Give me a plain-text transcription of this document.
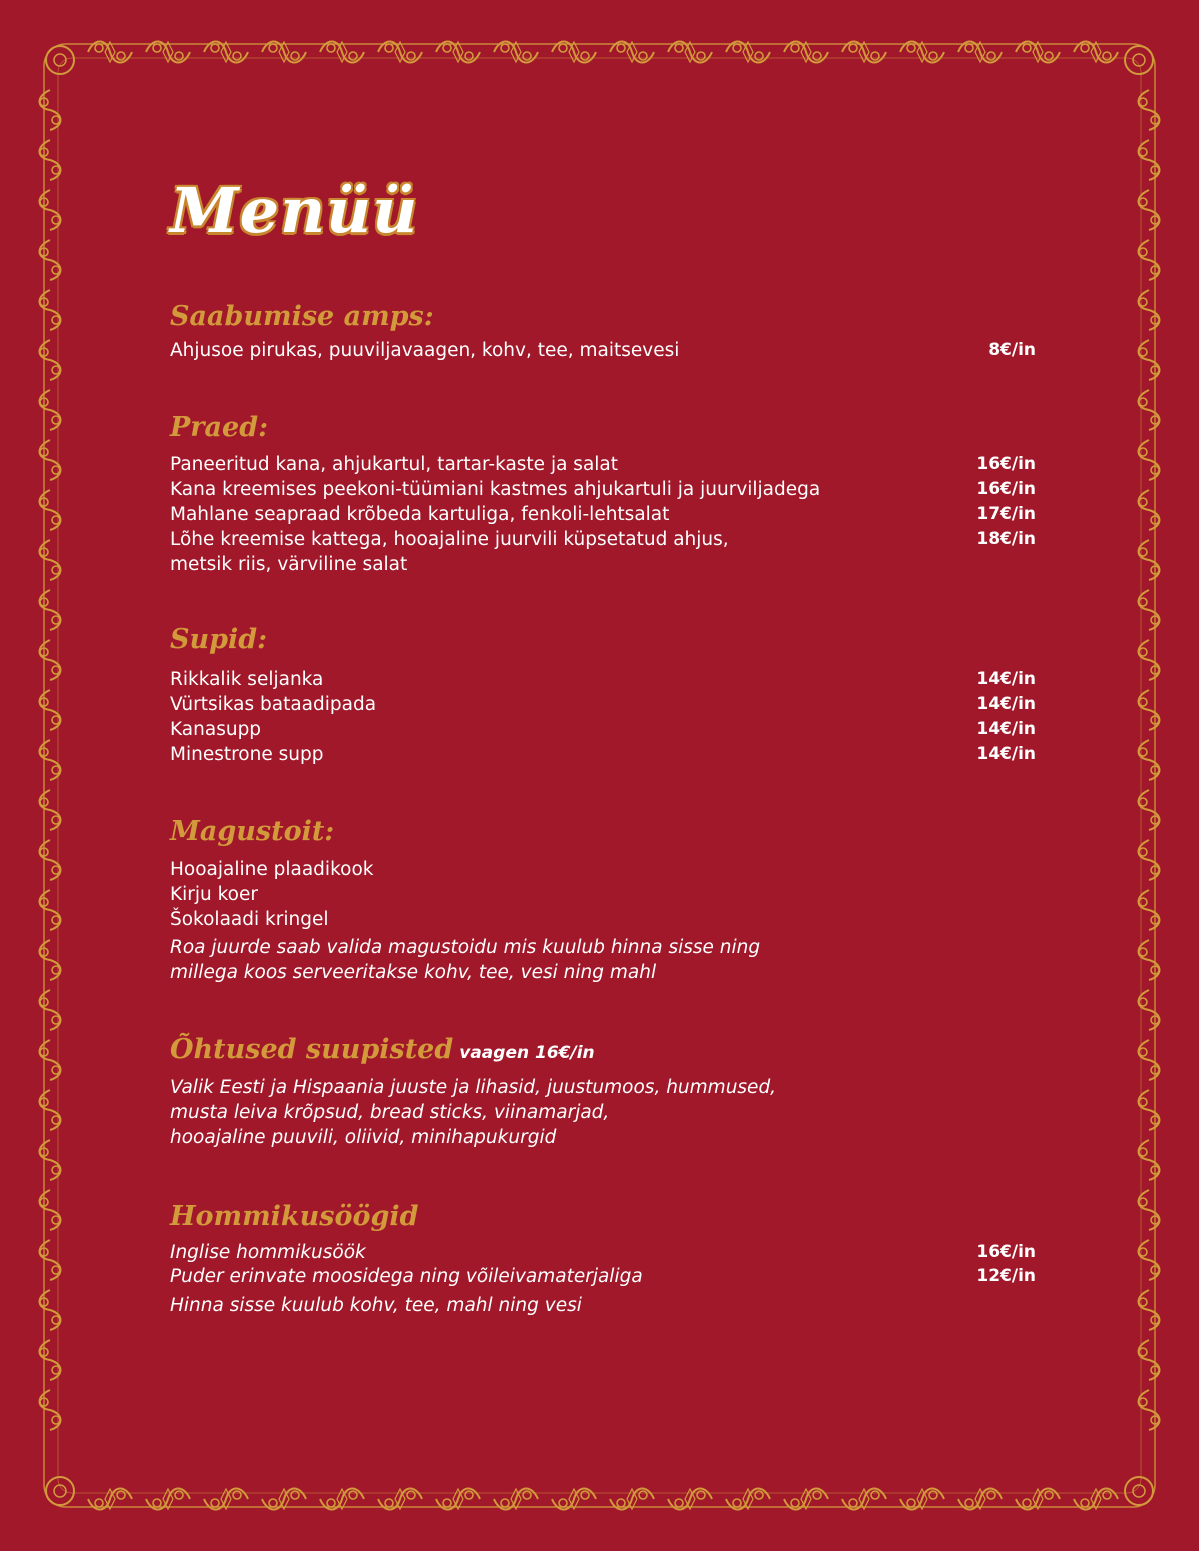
Menüü
Saabumise amps:
Ahjusoe pirukas, puuviljavaagen, kohv, tee, maitsevesi	8€/in
Praed:
Paneeritud kana, ahjukartul, tartar-kaste ja salat	16€/in
Kana kreemises peekoni-tüümiani kastmes ahjukartuli ja juurviljadega	16€/in
Mahlane seapraad krõbeda kartuliga, fenkoli-lehtsalat	17€/in
Lõhe kreemise kattega, hooajaline juurvili küpsetatud ahjus,	18€/in
metsik riis, värviline salat
Supid:
Rikkalik seljanka	14€/in
Vürtsikas bataadipada	14€/in
Kanasupp	14€/in
Minestrone supp	14€/in
Magustoit:
Hooajaline plaadikook
Kirju koer
Šokolaadi kringel
Roa juurde saab valida magustoidu mis kuulub hinna sisse ning
millega koos serveeritakse kohv, tee, vesi ning mahl
Õhtused suupisted vaagen 16€/in
Valik Eesti ja Hispaania juuste ja lihasid, juustumoos, hummused,
musta leiva krõpsud, bread sticks, viinamarjad,
hooajaline puuvili, oliivid, minihapukurgid
Hommikusöögid
Inglise hommikusöök	16€/in
Puder erinvate moosidega ning võileivamaterjaliga	12€/in
Hinna sisse kuulub kohv, tee, mahl ning vesi
